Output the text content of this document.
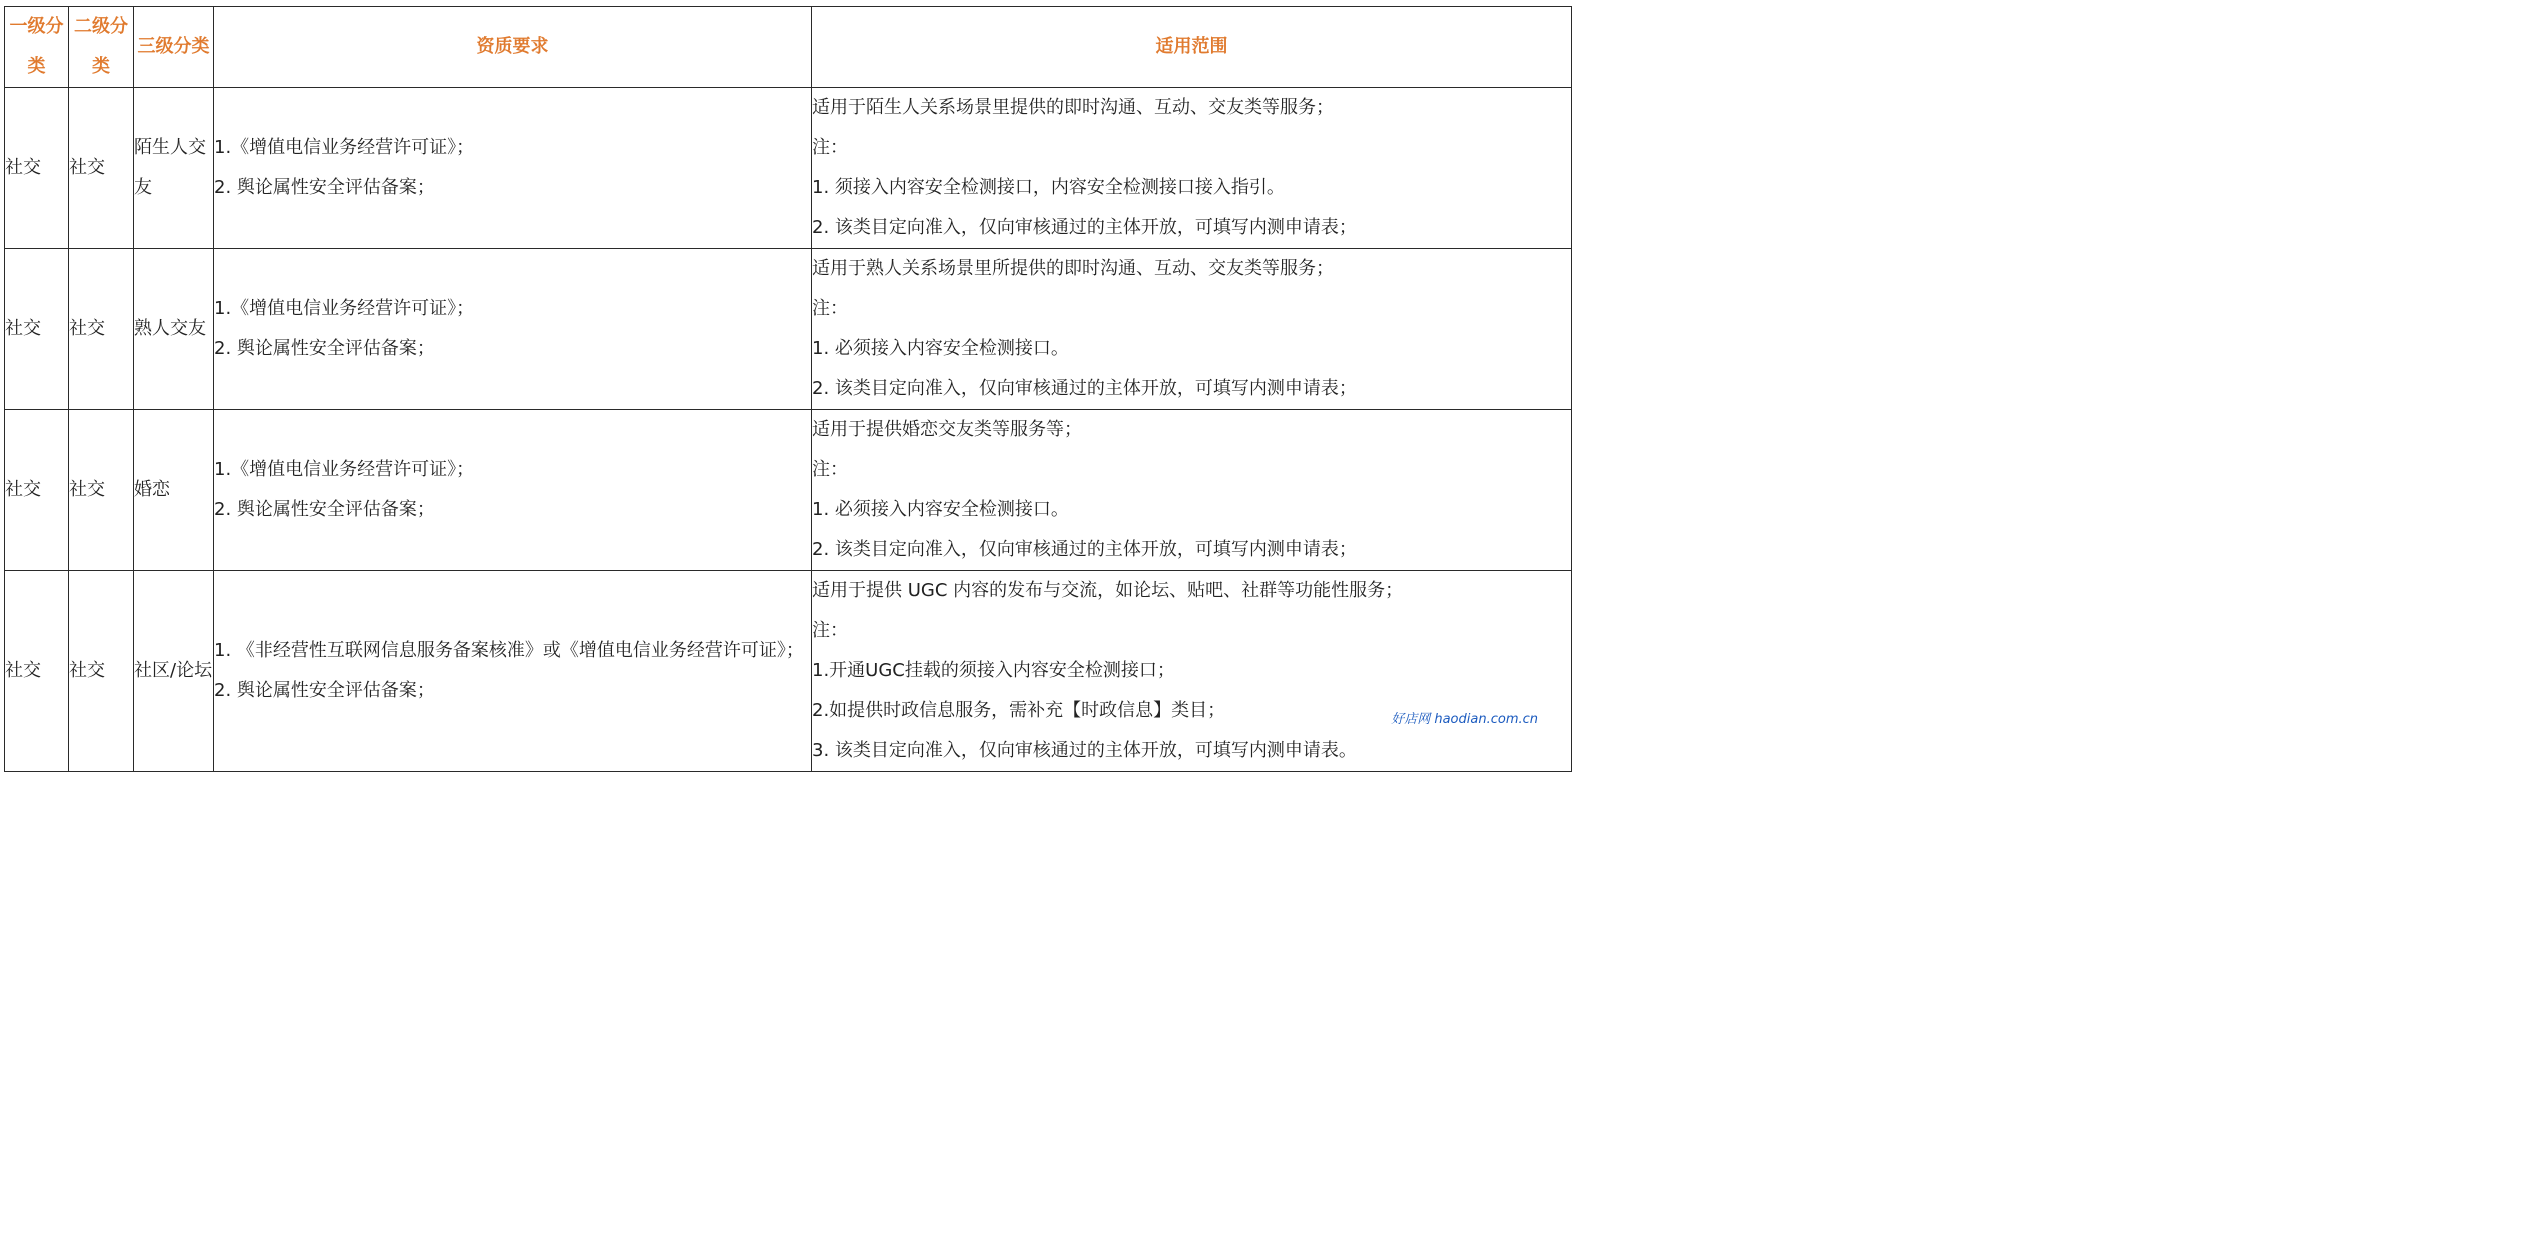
一级分类	二级分类	三级分类	资质要求	适用范围

社交	社交	陌生人交友	1.《增值电信业务经营许可证》；
2. 舆论属性安全评估备案；	适用于陌生人关系场景里提供的即时沟通、互动、交友类等服务；
注：
1. 须接入内容安全检测接口，内容安全检测接口接入指引。
2. 该类目定向准入，仅向审核通过的主体开放，可填写内测申请表；

社交	社交	熟人交友	1.《增值电信业务经营许可证》；
2. 舆论属性安全评估备案；	适用于熟人关系场景里所提供的即时沟通、互动、交友类等服务；
注：
1. 必须接入内容安全检测接口。
2. 该类目定向准入，仅向审核通过的主体开放，可填写内测申请表；

社交	社交	婚恋	1.《增值电信业务经营许可证》；
2. 舆论属性安全评估备案；	适用于提供婚恋交友类等服务等；
注：
1. 必须接入内容安全检测接口。
2. 该类目定向准入，仅向审核通过的主体开放，可填写内测申请表；

社交	社交	社区/论坛	1. 《非经营性互联网信息服务备案核准》或《增值电信业务经营许可证》；
2. 舆论属性安全评估备案；	适用于提供 UGC 内容的发布与交流，如论坛、贴吧、社群等功能性服务；
注：
1.开通UGC挂载的须接入内容安全检测接口；
2.如提供时政信息服务，需补充【时政信息】类目；
3. 该类目定向准入，仅向审核通过的主体开放，可填写内测申请表。
好店网 haodian.com.cn
